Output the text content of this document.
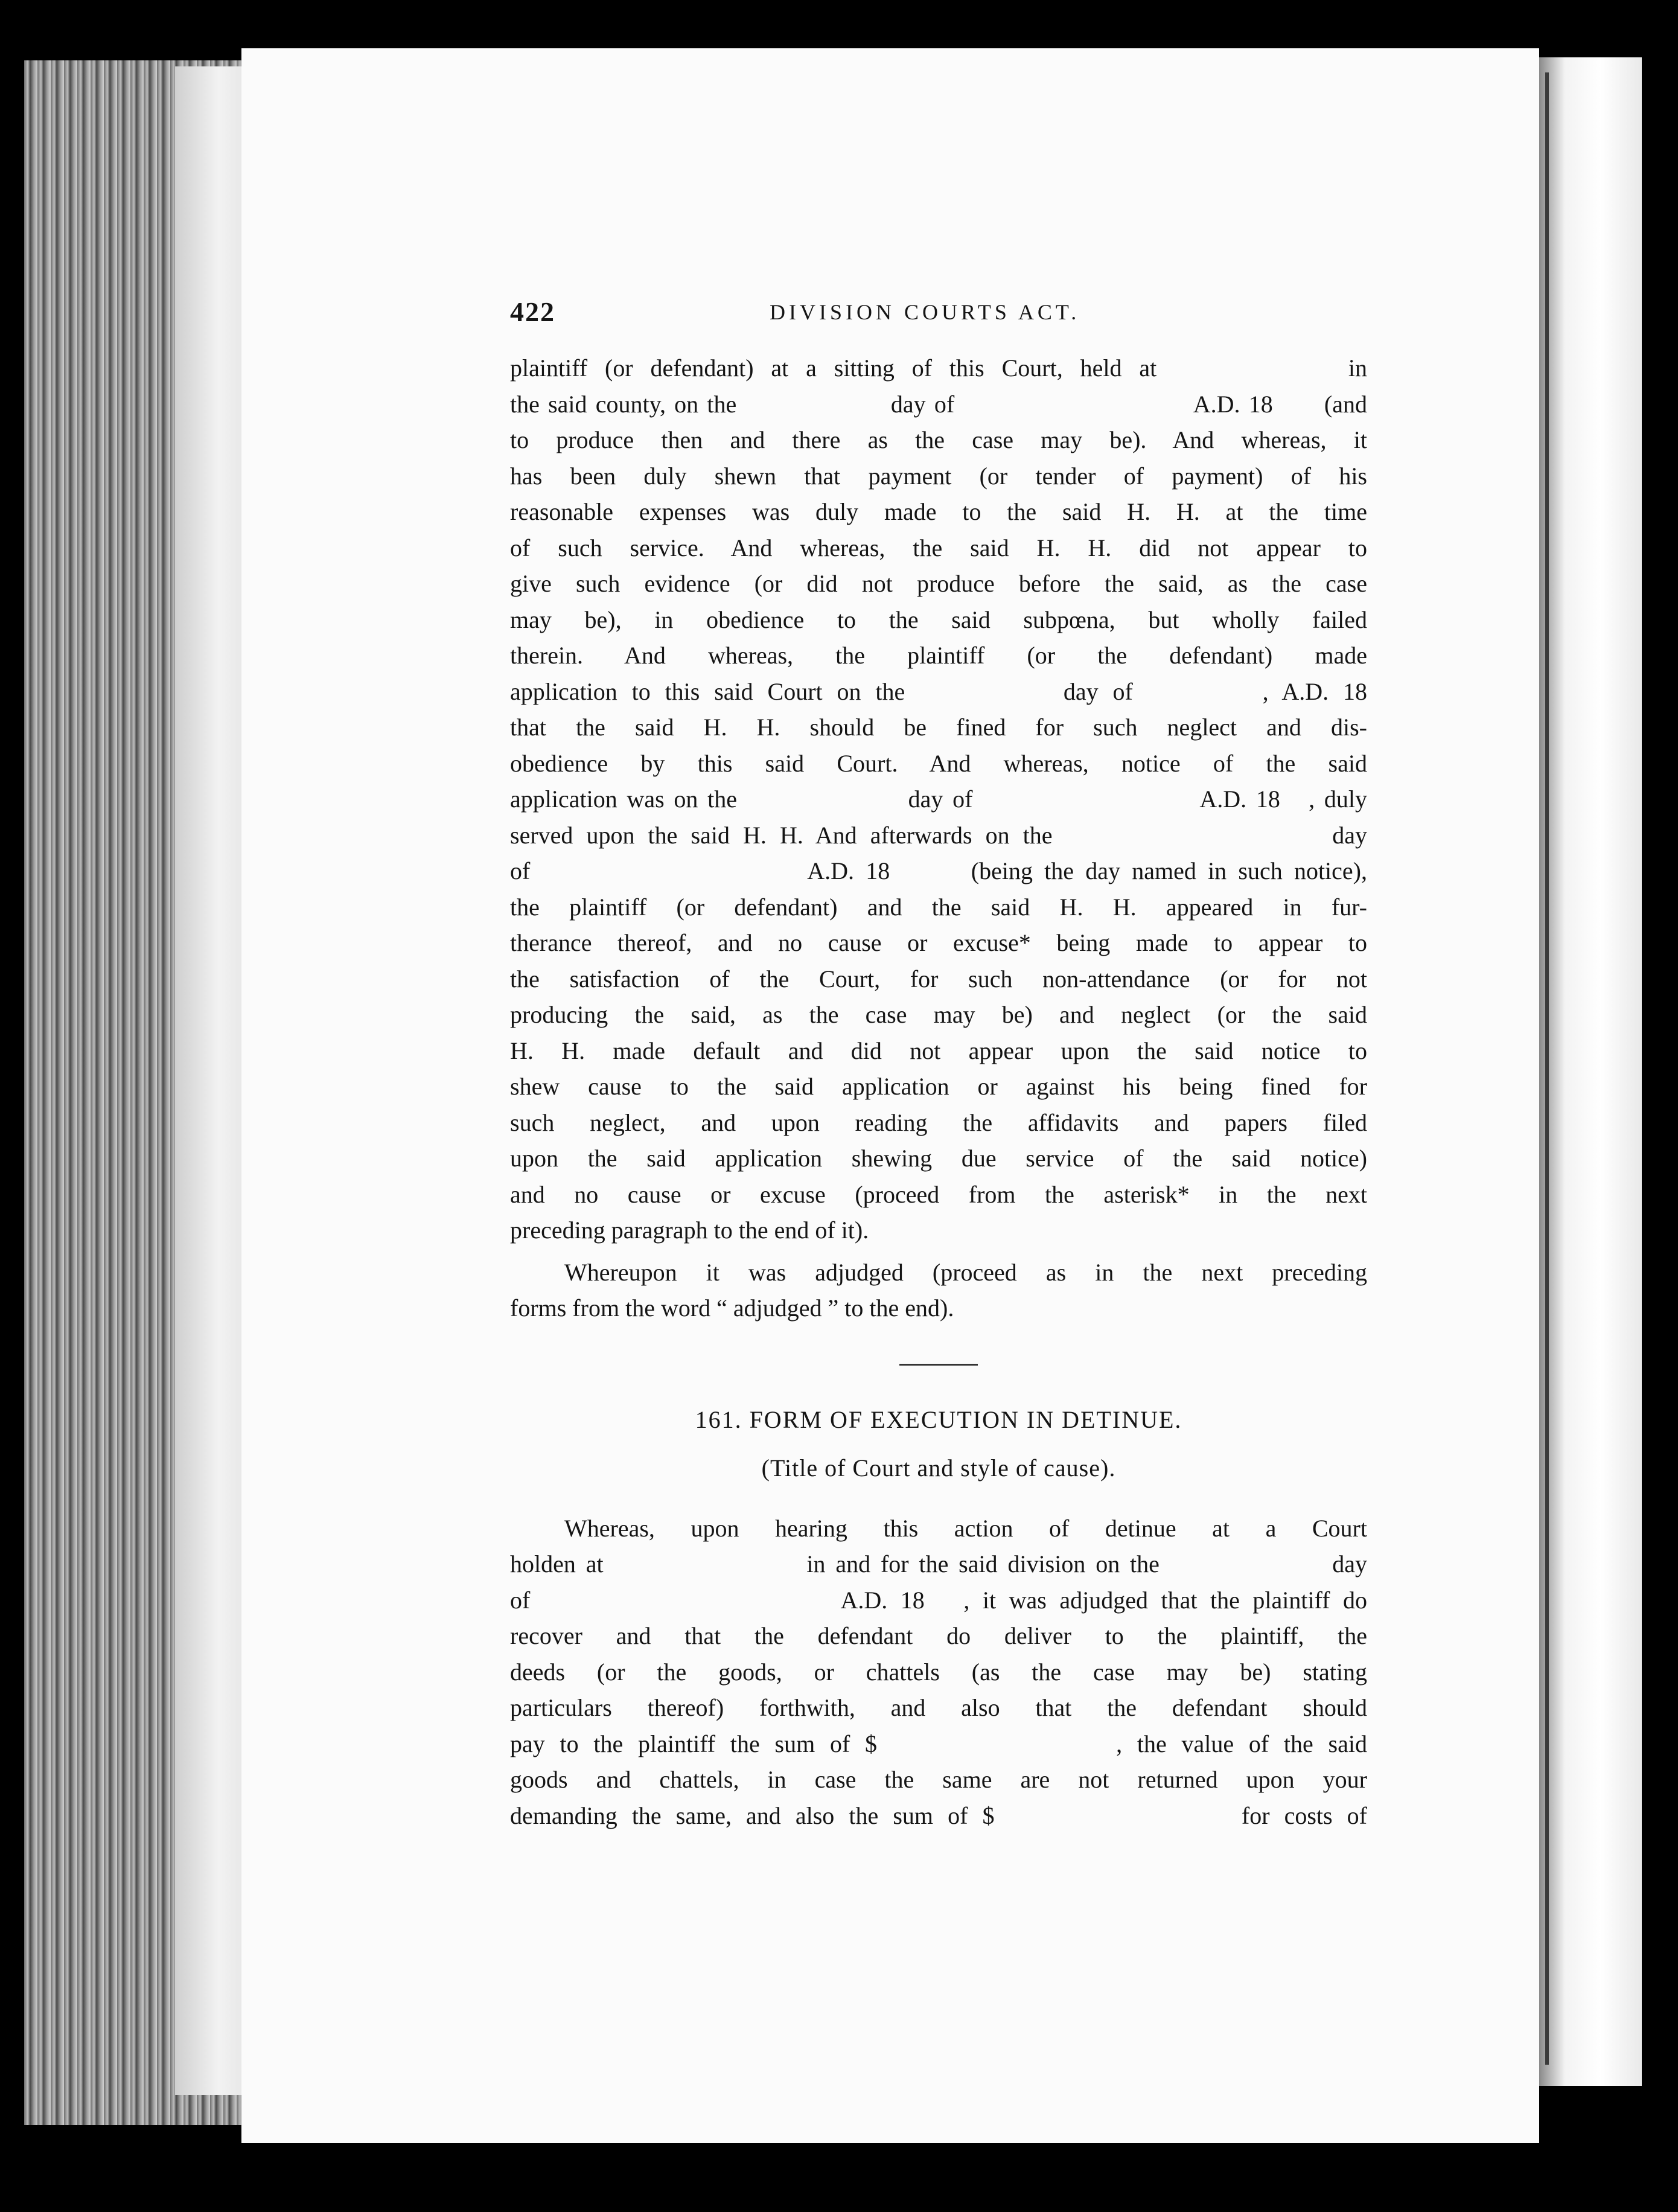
422	DIVISION COURTS ACT.
plaintiff (or defendant) at a sitting of this Court, held at           in
the said county, on the                  day of                            A.D. 18      (and
to produce then and there as the case may be). And whereas, it
has been duly shewn that payment (or tender of payment) of his
reasonable expenses was duly made to the said H. H. at the time
of such service. And whereas, the said H. H. did not appear to
give such evidence (or did not produce before the said, as the case
may be), in obedience to the said subpœna, but wholly failed
therein. And whereas, the plaintiff (or the defendant) made
application to this said Court on the           day of         , A.D. 18
that the said H. H. should be fined for such neglect and dis-
obedience by this said Court. And whereas, notice of the said
application was on the                  day of                        A.D. 18   , duly
served upon the said H. H. And afterwards on the                     day
of                        A.D. 18       (being the day named in such notice),
the plaintiff (or defendant) and the said H. H. appeared in fur-
therance thereof, and no cause or excuse* being made to appear to
the satisfaction of the Court, for such non-attendance (or for not
producing the said, as the case may be) and neglect (or the said
H. H. made default and did not appear upon the said notice to
shew cause to the said application or against his being fined for
such neglect, and upon reading the affidavits and papers filed
upon the said application shewing due service of the said notice)
and no cause or excuse (proceed from the asterisk* in the next
preceding paragraph to the end of it).
Whereupon it was adjudged (proceed as in the next preceding
forms from the word “ adjudged ” to the end).
161. FORM OF EXECUTION IN DETINUE.
(Title of Court and style of cause).
Whereas, upon hearing this action of detinue at a Court
holden at                    in and for the said division on the                 day
of                        A.D. 18   , it was adjudged that the plaintiff do
recover and that the defendant do deliver to the plaintiff, the
deeds (or the goods, or chattels (as the case may be) stating
particulars thereof) forthwith, and also that the defendant should
pay to the plaintiff the sum of $                , the value of the said
goods and chattels, in case the same are not returned upon your
demanding the same, and also the sum of $                 for costs of
